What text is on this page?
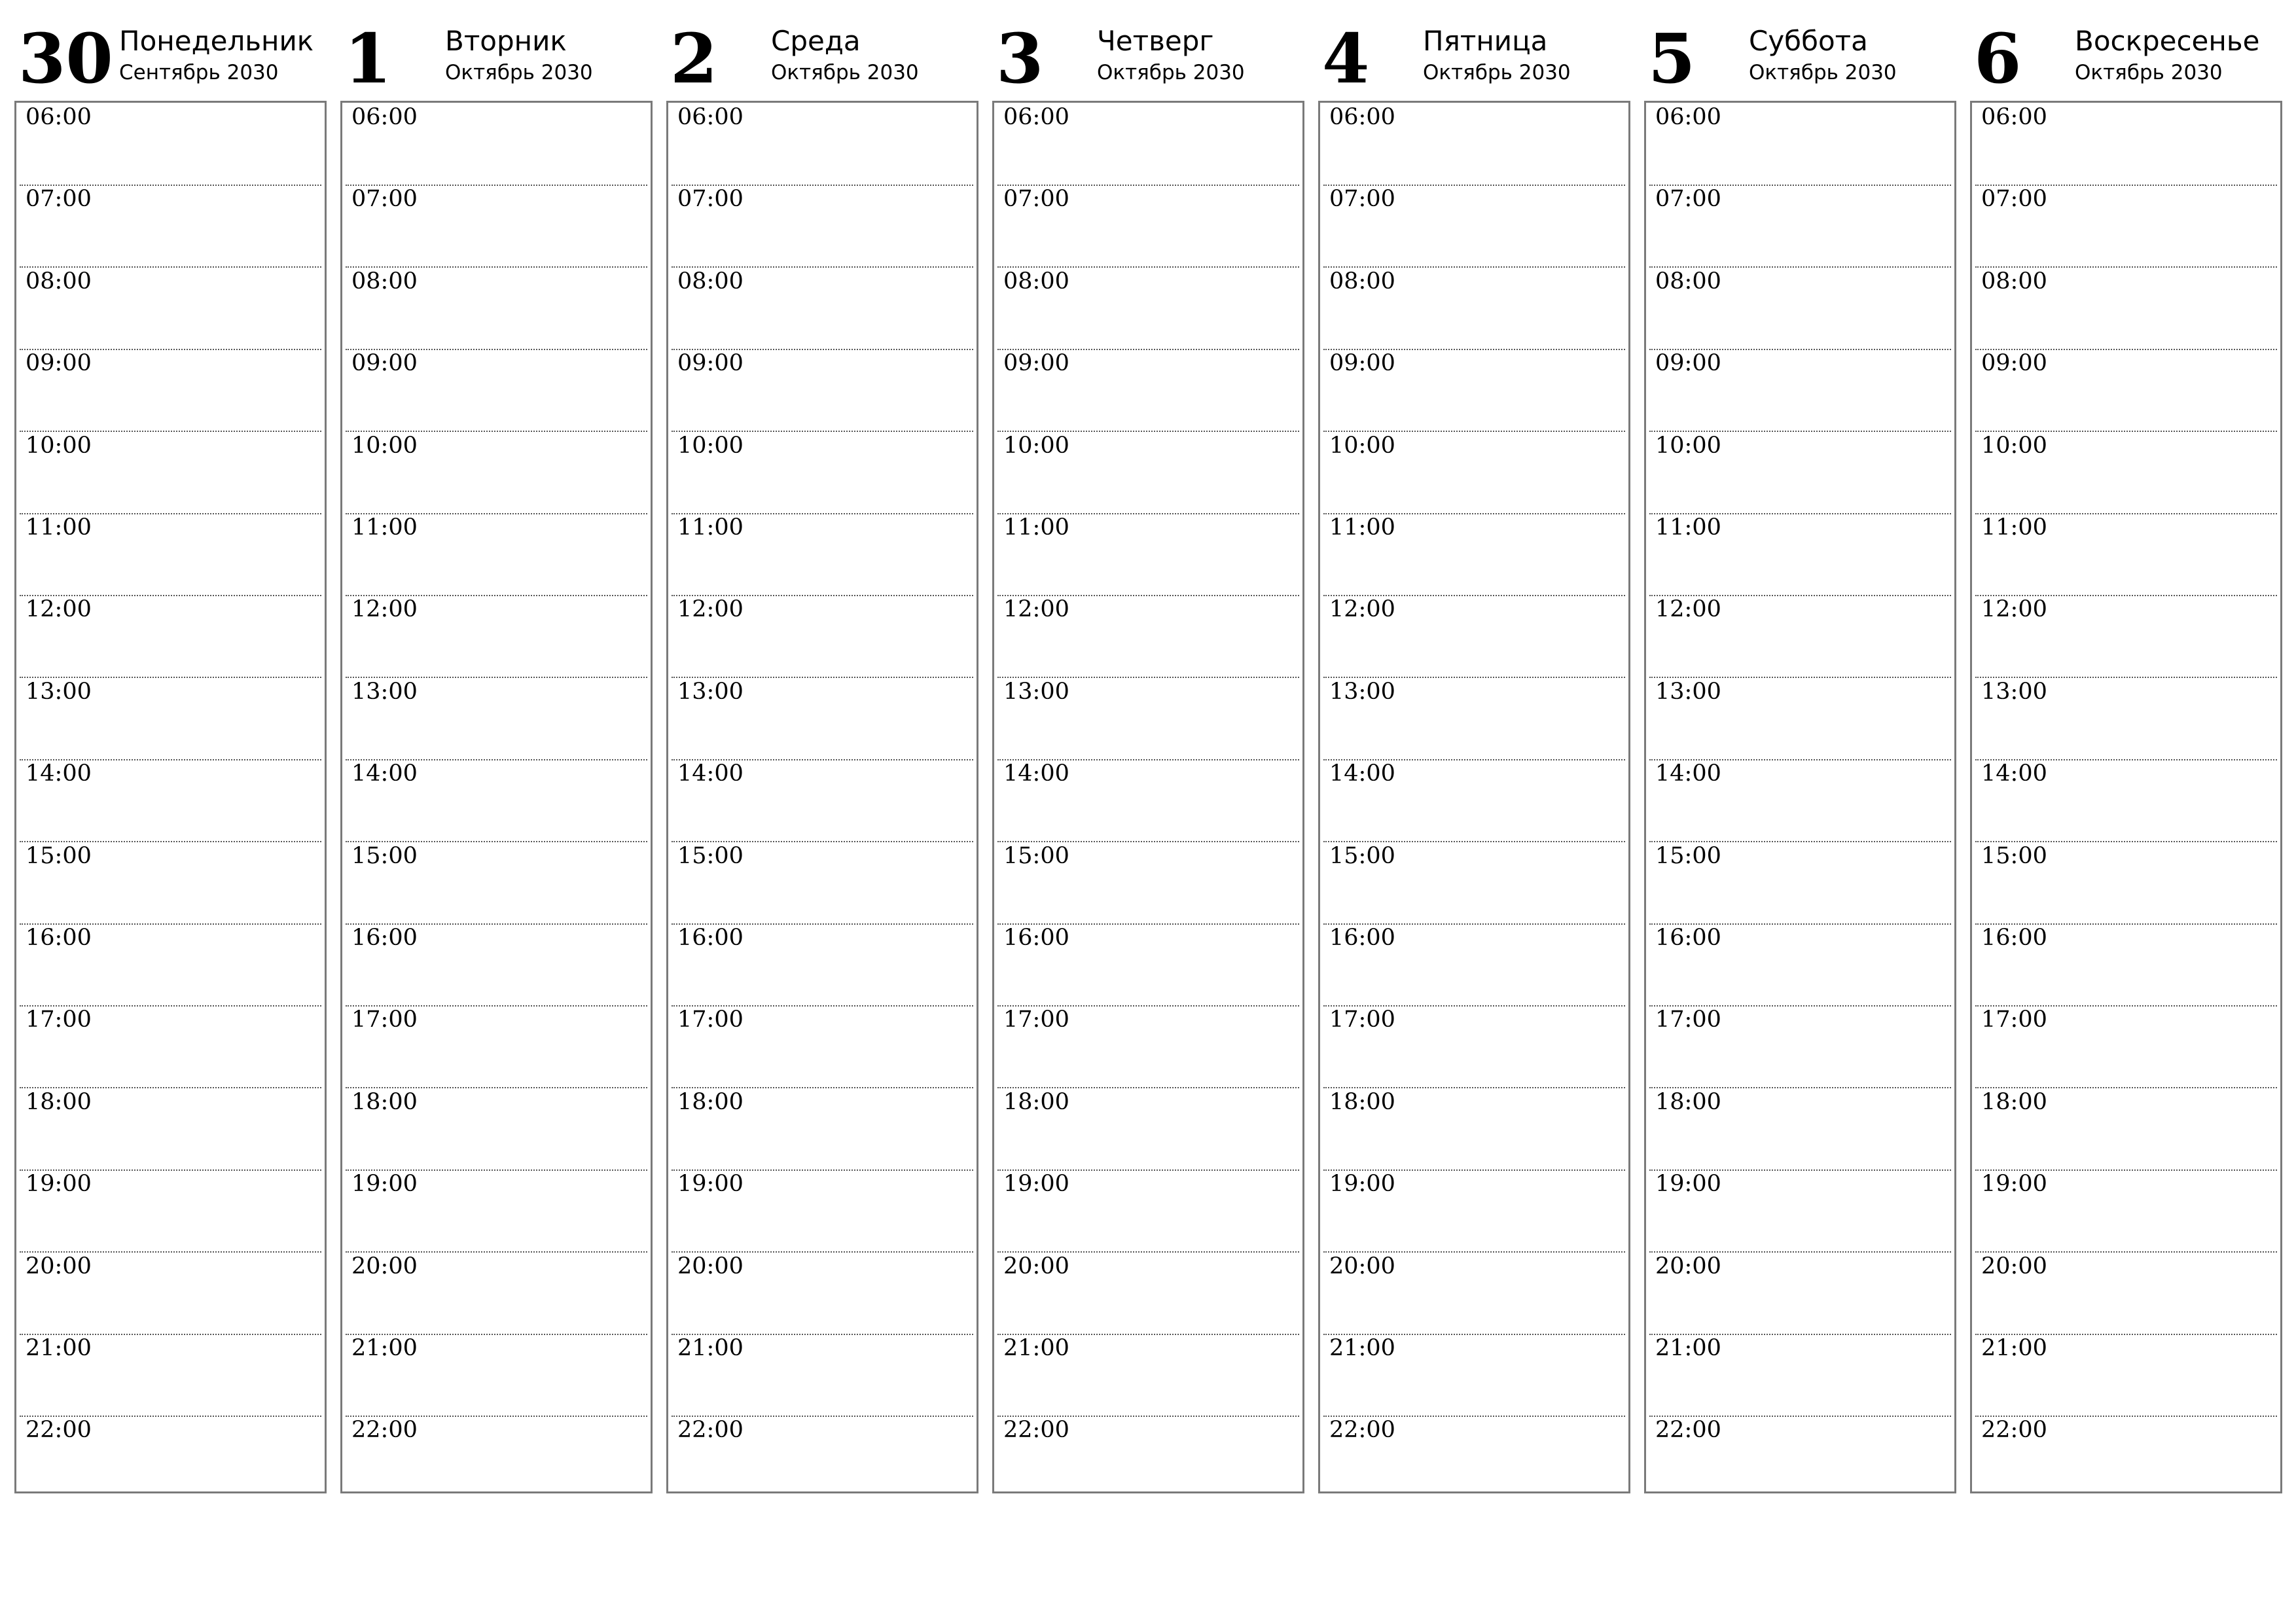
30 Понедельник
Сентябрь 2030
06:00
07:00
08:00
09:00
10:00
11:00
12:00
13:00
14:00
15:00
16:00
17:00
18:00
19:00
20:00
21:00
22:00
1 Вторник
Октябрь 2030
06:00
07:00
08:00
09:00
10:00
11:00
12:00
13:00
14:00
15:00
16:00
17:00
18:00
19:00
20:00
21:00
22:00
2 Среда
Октябрь 2030
06:00
07:00
08:00
09:00
10:00
11:00
12:00
13:00
14:00
15:00
16:00
17:00
18:00
19:00
20:00
21:00
22:00
3 Четверг
Октябрь 2030
06:00
07:00
08:00
09:00
10:00
11:00
12:00
13:00
14:00
15:00
16:00
17:00
18:00
19:00
20:00
21:00
22:00
4 Пятница
Октябрь 2030
06:00
07:00
08:00
09:00
10:00
11:00
12:00
13:00
14:00
15:00
16:00
17:00
18:00
19:00
20:00
21:00
22:00
5 Суббота
Октябрь 2030
06:00
07:00
08:00
09:00
10:00
11:00
12:00
13:00
14:00
15:00
16:00
17:00
18:00
19:00
20:00
21:00
22:00
6 Воскресенье
Октябрь 2030
06:00
07:00
08:00
09:00
10:00
11:00
12:00
13:00
14:00
15:00
16:00
17:00
18:00
19:00
20:00
21:00
22:00
